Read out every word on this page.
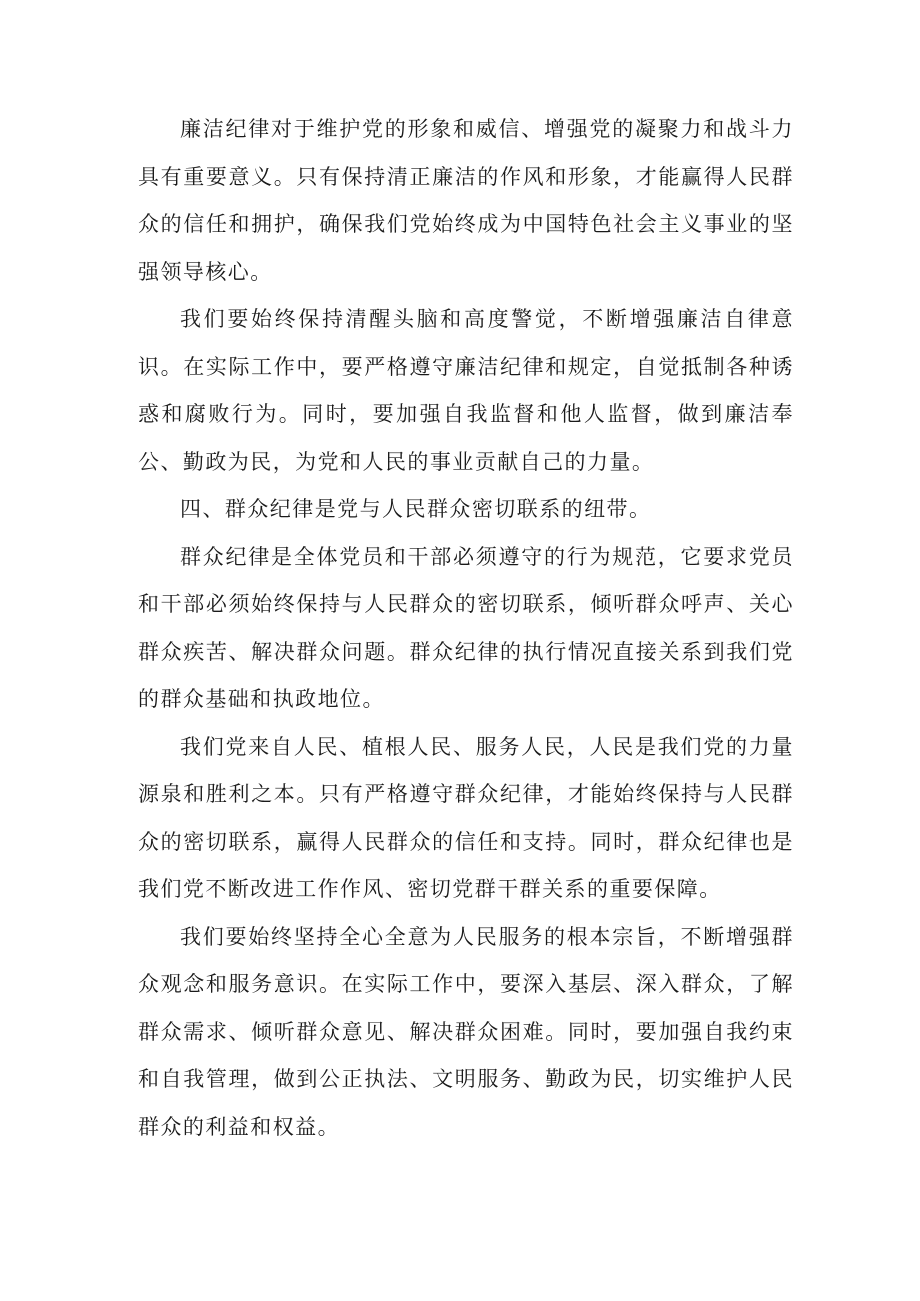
廉洁纪律对于维护党的形象和威信、增强党的凝聚力和战斗力具有重要意义。只有保持清正廉洁的作风和形象，才能赢得人民群众的信任和拥护，确保我们党始终成为中国特色社会主义事业的坚强领导核心。

我们要始终保持清醒头脑和高度警觉，不断增强廉洁自律意识。在实际工作中，要严格遵守廉洁纪律和规定，自觉抵制各种诱惑和腐败行为。同时，要加强自我监督和他人监督，做到廉洁奉公、勤政为民，为党和人民的事业贡献自己的力量。

四、群众纪律是党与人民群众密切联系的纽带。

群众纪律是全体党员和干部必须遵守的行为规范，它要求党员和干部必须始终保持与人民群众的密切联系，倾听群众呼声、关心群众疾苦、解决群众问题。群众纪律的执行情况直接关系到我们党的群众基础和执政地位。

我们党来自人民、植根人民、服务人民，人民是我们党的力量源泉和胜利之本。只有严格遵守群众纪律，才能始终保持与人民群众的密切联系，赢得人民群众的信任和支持。同时，群众纪律也是我们党不断改进工作作风、密切党群干群关系的重要保障。

我们要始终坚持全心全意为人民服务的根本宗旨，不断增强群众观念和服务意识。在实际工作中，要深入基层、深入群众，了解群众需求、倾听群众意见、解决群众困难。同时，要加强自我约束和自我管理，做到公正执法、文明服务、勤政为民，切实维护人民群众的利益和权益。
